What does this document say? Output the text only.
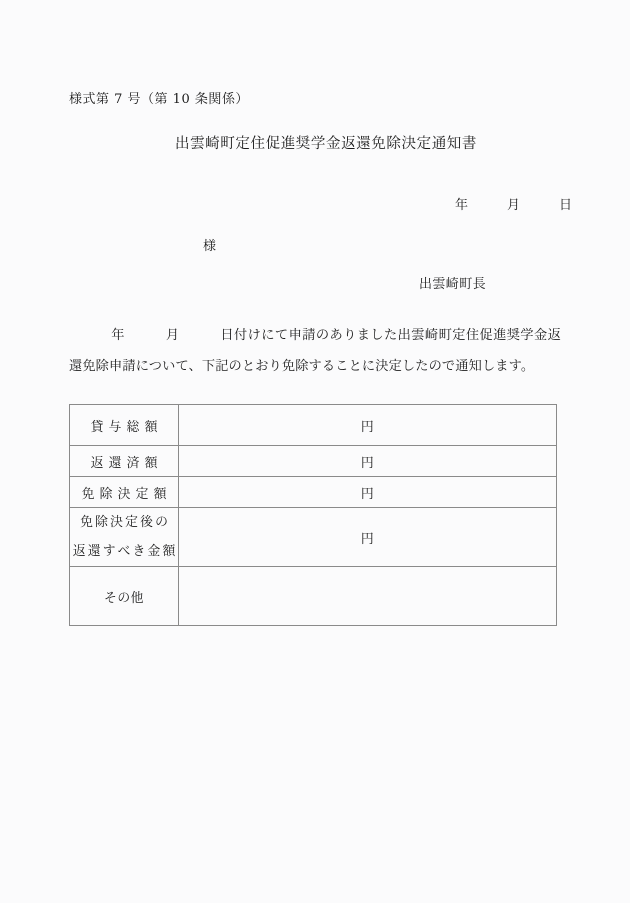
様式第 7 号（第 10 条関係）
出雲崎町定住促進奨学金返還免除決定通知書
年　　　月　　　日
様
出雲崎町長
年　　　月　　　日付けにて申請のありました出雲崎町定住促進奨学金返還免除申請について、下記のとおり免除することに決定したので通知します。
貸与総額	円
返還済額	円
免除決定額	円

免除決定後の
返還すべき金額	円
その他	
